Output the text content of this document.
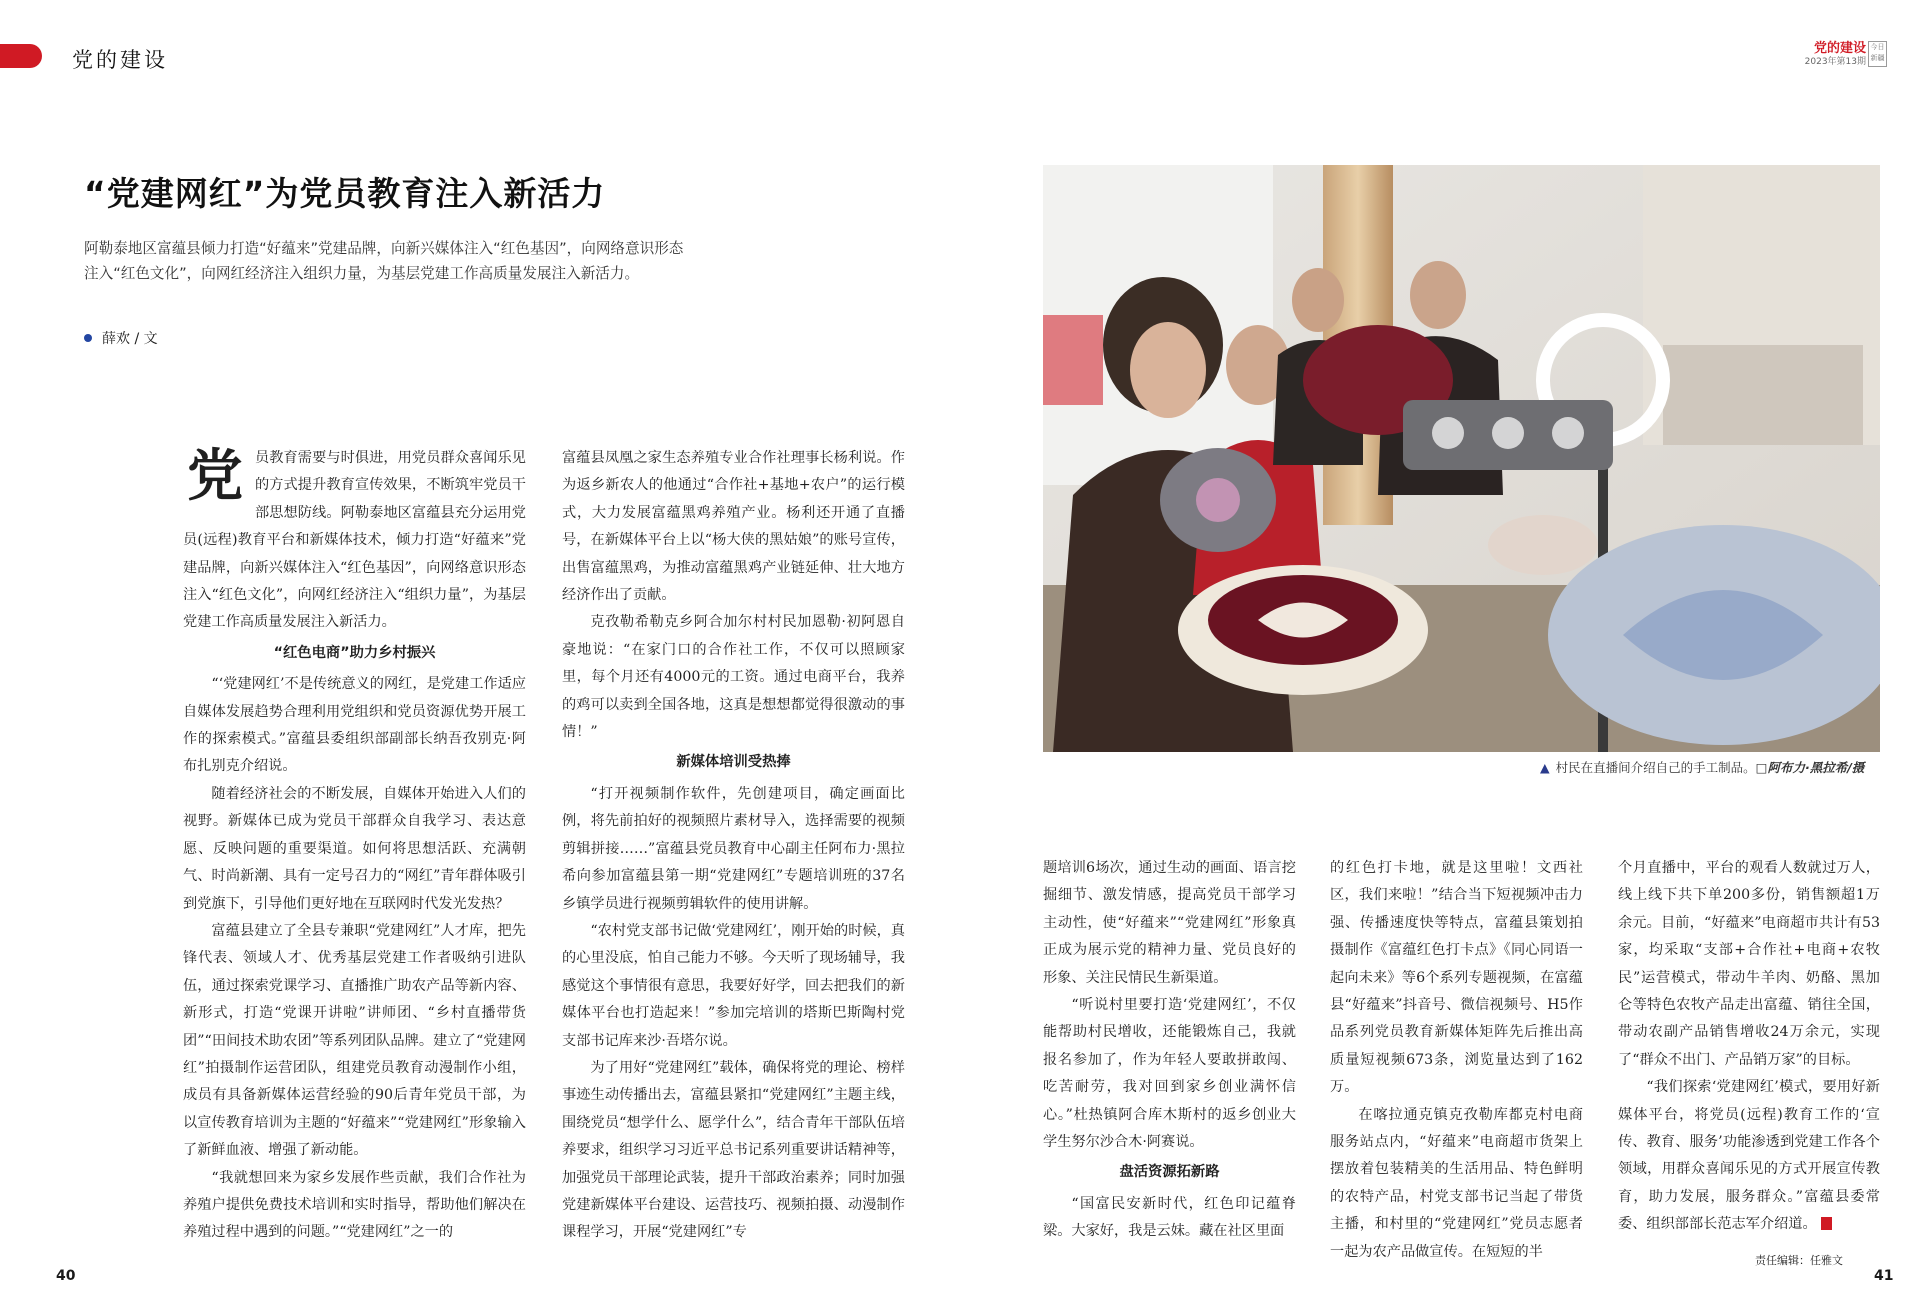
党的建设	党的建设
2023年第13期
今日新疆
“党建网红”为党员教育注入新活力
阿勒泰地区富蕴县倾力打造“好蕴来”党建品牌，向新兴媒体注入“红色基因”，向网络意识形态注入“红色文化”，向网红经济注入组织力量，为基层党建工作高质量发展注入新活力。
薛欢 / 文
党 员教育需要与时俱进，用党员群众喜闻乐见的方式提升教育宣传效果，不断筑牢党员干部思想防线。阿勒泰地区富蕴县充分运用党员(远程)教育平台和新媒体技术，倾力打造“好蕴来”党建品牌，向新兴媒体注入“红色基因”，向网络意识形态注入“红色文化”，向网红经济注入“组织力量”，为基层党建工作高质量发展注入新活力。

“红色电商”助力乡村振兴

“‘党建网红’不是传统意义的网红，是党建工作适应自媒体发展趋势合理利用党组织和党员资源优势开展工作的探索模式。”富蕴县委组织部副部长纳吾孜别克·阿布扎别克介绍说。

随着经济社会的不断发展，自媒体开始进入人们的视野。新媒体已成为党员干部群众自我学习、表达意愿、反映问题的重要渠道。如何将思想活跃、充满朝气、时尚新潮、具有一定号召力的“网红”青年群体吸引到党旗下，引导他们更好地在互联网时代发光发热？

富蕴县建立了全县专兼职“党建网红”人才库，把先锋代表、领域人才、优秀基层党建工作者吸纳引进队伍，通过探索党课学习、直播推广助农产品等新内容、新形式，打造“党课开讲啦”讲师团、“乡村直播带货团”“田间技术助农团”等系列团队品牌。建立了“党建网红”拍摄制作运营团队，组建党员教育动漫制作小组，成员有具备新媒体运营经验的90后青年党员干部，为以宣传教育培训为主题的“好蕴来”“党建网红”形象输入了新鲜血液、增强了新动能。

“我就想回来为家乡发展作些贡献，我们合作社为养殖户提供免费技术培训和实时指导，帮助他们解决在养殖过程中遇到的问题。”“党建网红”之一的

富蕴县凤凰之家生态养殖专业合作社理事长杨利说。作为返乡新农人的他通过“合作社+基地+农户”的运行模式，大力发展富蕴黑鸡养殖产业。杨利还开通了直播号，在新媒体平台上以“杨大侠的黑姑娘”的账号宣传，出售富蕴黑鸡，为推动富蕴黑鸡产业链延伸、壮大地方经济作出了贡献。

克孜勒希勒克乡阿合加尔村村民加恩勒·初阿恩自豪地说：“在家门口的合作社工作，不仅可以照顾家里，每个月还有4000元的工资。通过电商平台，我养的鸡可以卖到全国各地，这真是想想都觉得很激动的事情！”

新媒体培训受热捧

“打开视频制作软件，先创建项目，确定画面比例，将先前拍好的视频照片素材导入，选择需要的视频剪辑拼接……”富蕴县党员教育中心副主任阿布力·黑拉希向参加富蕴县第一期“党建网红”专题培训班的37名乡镇学员进行视频剪辑软件的使用讲解。

“农村党支部书记做‘党建网红’，刚开始的时候，真的心里没底，怕自己能力不够。今天听了现场辅导，我感觉这个事情很有意思，我要好好学，回去把我们的新媒体平台也打造起来！”参加完培训的塔斯巴斯陶村党支部书记库来沙·吾塔尔说。

为了用好“党建网红”载体，确保将党的理论、榜样事迹生动传播出去，富蕴县紧扣“党建网红”主题主线，围绕党员“想学什么、愿学什么”，结合青年干部队伍培养要求，组织学习习近平总书记系列重要讲话精神等，加强党员干部理论武装，提升干部政治素养；同时加强党建新媒体平台建设、运营技巧、视频拍摄、动漫制作课程学习，开展“党建网红”专

▲ 村民在直播间介绍自己的手工制品。□阿布力·黑拉希/摄

题培训6场次，通过生动的画面、语言挖掘细节、激发情感，提高党员干部学习主动性，使“好蕴来”“党建网红”形象真正成为展示党的精神力量、党员良好的形象、关注民情民生新渠道。

“听说村里要打造‘党建网红’，不仅能帮助村民增收，还能锻炼自己，我就报名参加了，作为年轻人要敢拼敢闯、吃苦耐劳，我对回到家乡创业满怀信心。”杜热镇阿合库木斯村的返乡创业大学生努尔沙合木·阿赛说。

盘活资源拓新路

“国富民安新时代，红色印记蕴脊梁。大家好，我是云妹。藏在社区里面

的红色打卡地，就是这里啦！文西社区，我们来啦！”结合当下短视频冲击力强、传播速度快等特点，富蕴县策划拍摄制作《富蕴红色打卡点》《同心同语一起向未来》等6个系列专题视频，在富蕴县“好蕴来”抖音号、微信视频号、H5作品系列党员教育新媒体矩阵先后推出高质量短视频673条，浏览量达到了162万。

在喀拉通克镇克孜勒库都克村电商服务站点内，“好蕴来”电商超市货架上摆放着包装精美的生活用品、特色鲜明的农特产品，村党支部书记当起了带货主播，和村里的“党建网红”党员志愿者一起为农产品做宣传。在短短的半

个月直播中，平台的观看人数就过万人，线上线下共下单200多份，销售额超1万余元。目前，“好蕴来”电商超市共计有53家，均采取“支部+合作社+电商+农牧民”运营模式，带动牛羊肉、奶酪、黑加仑等特色农牧产品走出富蕴、销往全国，带动农副产品销售增收24万余元，实现了“群众不出门、产品销万家”的目标。

“我们探索‘党建网红’模式，要用好新媒体平台，将党员(远程)教育工作的‘宣传、教育、服务’功能渗透到党建工作各个领域，用群众喜闻乐见的方式开展宣传教育，助力发展，服务群众。”富蕴县委常委、组织部部长范志军介绍道。

40
责任编辑：任雅文
41
